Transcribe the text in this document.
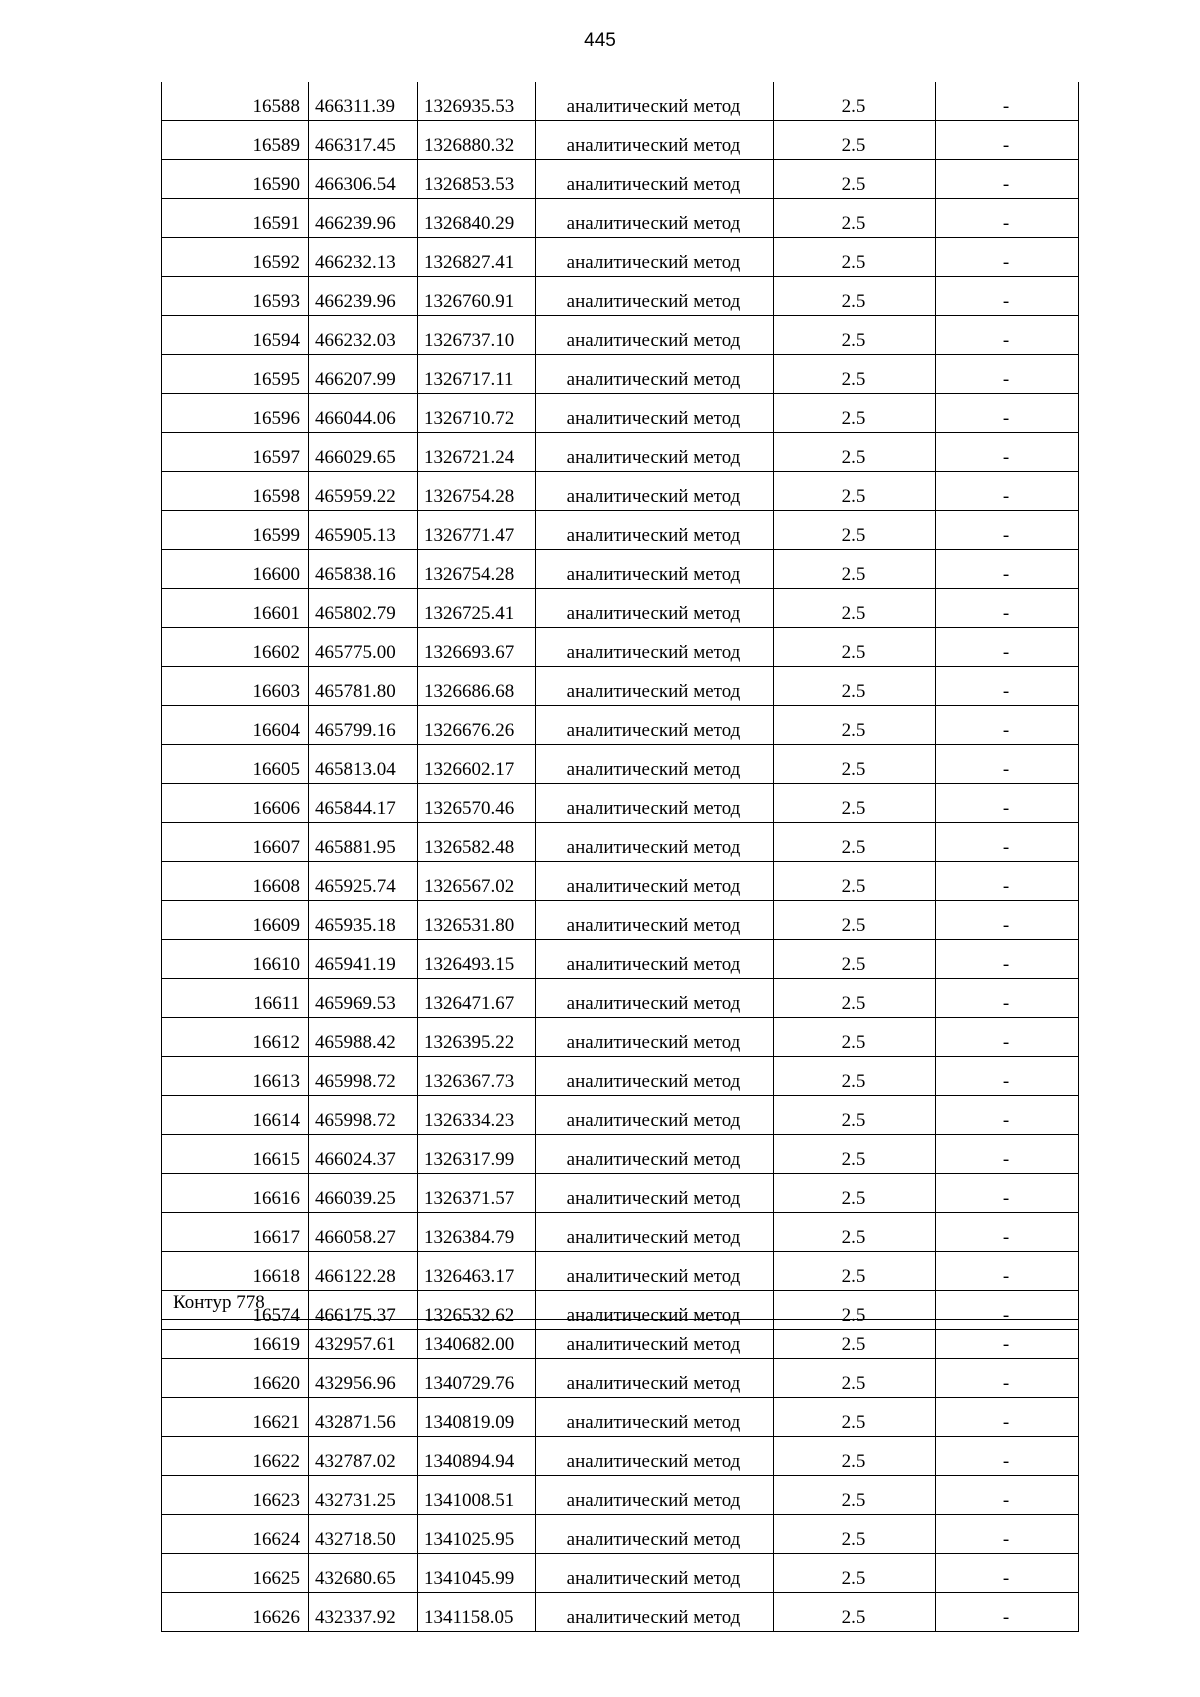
445
16588	466311.39	1326935.53	аналитический метод	2.5	-
16589	466317.45	1326880.32	аналитический метод	2.5	-
16590	466306.54	1326853.53	аналитический метод	2.5	-
16591	466239.96	1326840.29	аналитический метод	2.5	-
16592	466232.13	1326827.41	аналитический метод	2.5	-
16593	466239.96	1326760.91	аналитический метод	2.5	-
16594	466232.03	1326737.10	аналитический метод	2.5	-
16595	466207.99	1326717.11	аналитический метод	2.5	-
16596	466044.06	1326710.72	аналитический метод	2.5	-
16597	466029.65	1326721.24	аналитический метод	2.5	-
16598	465959.22	1326754.28	аналитический метод	2.5	-
16599	465905.13	1326771.47	аналитический метод	2.5	-
16600	465838.16	1326754.28	аналитический метод	2.5	-
16601	465802.79	1326725.41	аналитический метод	2.5	-
16602	465775.00	1326693.67	аналитический метод	2.5	-
16603	465781.80	1326686.68	аналитический метод	2.5	-
16604	465799.16	1326676.26	аналитический метод	2.5	-
16605	465813.04	1326602.17	аналитический метод	2.5	-
16606	465844.17	1326570.46	аналитический метод	2.5	-
16607	465881.95	1326582.48	аналитический метод	2.5	-
16608	465925.74	1326567.02	аналитический метод	2.5	-
16609	465935.18	1326531.80	аналитический метод	2.5	-
16610	465941.19	1326493.15	аналитический метод	2.5	-
16611	465969.53	1326471.67	аналитический метод	2.5	-
16612	465988.42	1326395.22	аналитический метод	2.5	-
16613	465998.72	1326367.73	аналитический метод	2.5	-
16614	465998.72	1326334.23	аналитический метод	2.5	-
16615	466024.37	1326317.99	аналитический метод	2.5	-
16616	466039.25	1326371.57	аналитический метод	2.5	-
16617	466058.27	1326384.79	аналитический метод	2.5	-
16618	466122.28	1326463.17	аналитический метод	2.5	-
16574	466175.37	1326532.62	аналитический метод	2.5	-
Контур 778
16619	432957.61	1340682.00	аналитический метод	2.5	-
16620	432956.96	1340729.76	аналитический метод	2.5	-
16621	432871.56	1340819.09	аналитический метод	2.5	-
16622	432787.02	1340894.94	аналитический метод	2.5	-
16623	432731.25	1341008.51	аналитический метод	2.5	-
16624	432718.50	1341025.95	аналитический метод	2.5	-
16625	432680.65	1341045.99	аналитический метод	2.5	-
16626	432337.92	1341158.05	аналитический метод	2.5	-
